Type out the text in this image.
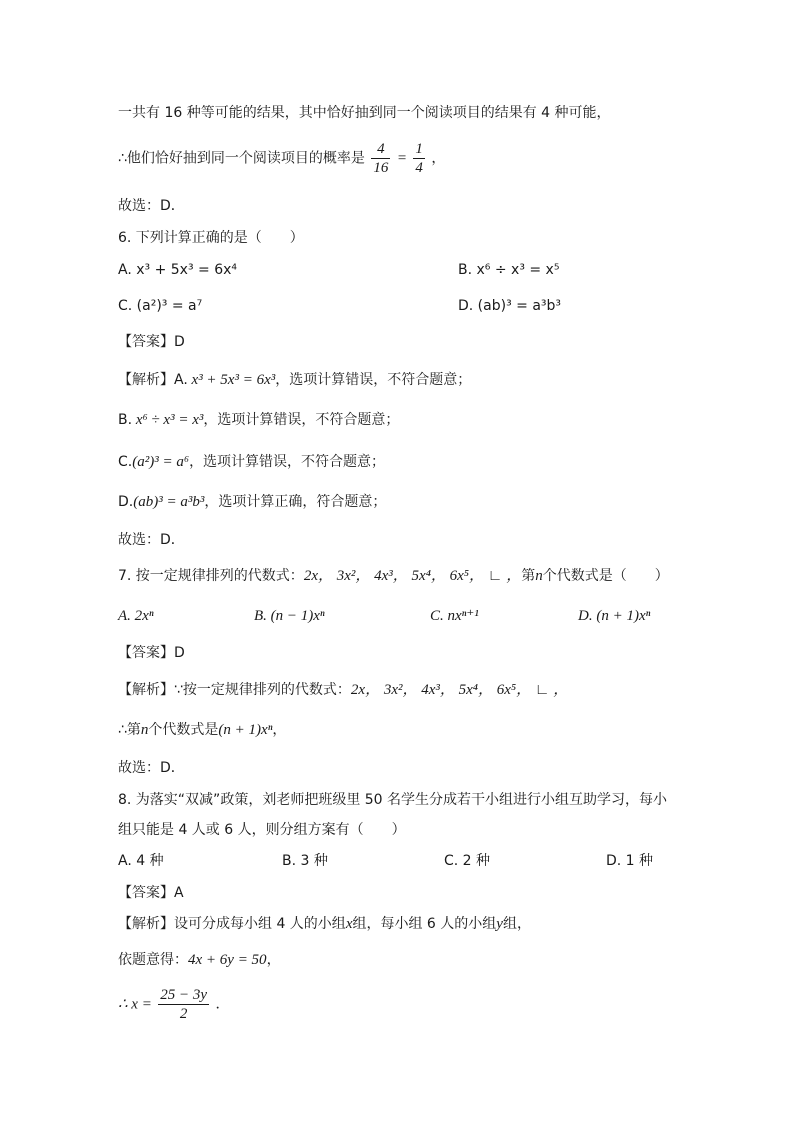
一共有 16 种等可能的结果，其中恰好抽到同一个阅读项目的结果有 4 种可能，
∴他们恰好抽到同一个阅读项目的概率是 $\frac{4}{16} = \frac{1}{4}$ ，
故选：D．
6. 下列计算正确的是（　　）
A. x³ + 5x³ = 6x⁴	B. x⁶ ÷ x³ = x⁵
C. (a²)³ = a⁷	D. (ab)³ = a³b³
【答案】D
【解析】A. x³ + 5x³ = 6x³，选项计算错误，不符合题意；
B. x⁶ ÷ x³ = x³，选项计算错误，不符合题意；
C.(a²)³ = a⁶，选项计算错误，不符合题意；
D.(ab)³ = a³b³，选项计算正确，符合题意；
故选：D．
7. 按一定规律排列的代数式：2x， 3x²， 4x³， 5x⁴， 6x⁵， ∟ ，第n个代数式是（　　）
A. 2xⁿ	B. (n − 1)xⁿ	C. nxⁿ⁺¹	D. (n + 1)xⁿ
【答案】D
【解析】∵按一定规律排列的代数式：2x， 3x²， 4x³， 5x⁴， 6x⁵， ∟ ，
∴第n个代数式是(n + 1)xⁿ，
故选：D．
8. 为落实“双减”政策，刘老师把班级里 50 名学生分成若干小组进行小组互助学习，每小
组只能是 4 人或 6 人，则分组方案有（　　）
A. 4 种	B. 3 种	C. 2 种	D. 1 种
【答案】A
【解析】设可分成每小组 4 人的小组x组，每小组 6 人的小组y组，
依题意得：4x + 6y = 50，
∴ $x = \frac{25 - 3y}{2}$ ．
